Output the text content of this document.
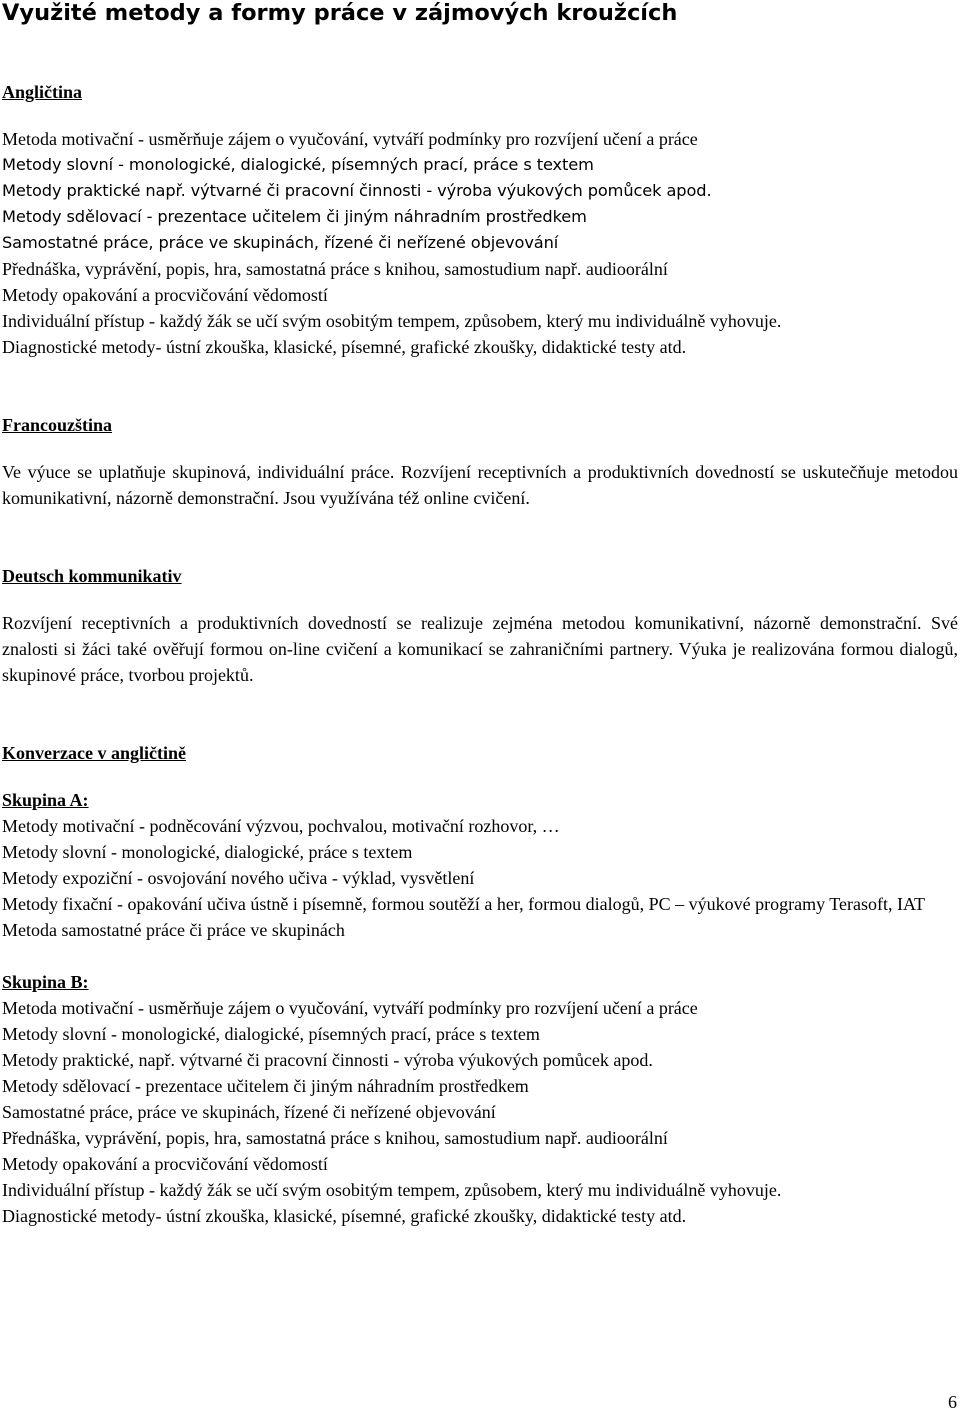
Využité metody a formy práce v zájmových kroužcích
Angličtina

Metoda motivační - usměrňuje zájem o vyučování, vytváří podmínky pro rozvíjení učení a práce

Metody slovní - monologické, dialogické, písemných prací, práce s textem

Metody praktické např. výtvarné či pracovní činnosti - výroba výukových pomůcek apod.

Metody sdělovací - prezentace učitelem či jiným náhradním prostředkem

Samostatné práce, práce ve skupinách, řízené či neřízené objevování

Přednáška, vyprávění, popis, hra, samostatná práce s knihou, samostudium např. audioorální

Metody opakování a procvičování vědomostí

Individuální přístup - každý žák se učí svým osobitým tempem, způsobem, který mu individuálně vyhovuje.

Diagnostické metody- ústní zkouška, klasické, písemné, grafické zkoušky, didaktické testy atd.

Francouzština

Ve výuce se uplatňuje skupinová, individuální práce. Rozvíjení receptivních a produktivních dovedností se uskutečňuje metodou komunikativní, názorně demonstrační. Jsou využívána též online cvičení.

Deutsch kommunikativ

Rozvíjení receptivních a produktivních dovedností se realizuje zejména metodou komunikativní, názorně demonstrační. Své znalosti si žáci také ověřují formou on-line cvičení a komunikací se zahraničními partnery. Výuka je realizována formou dialogů, skupinové práce, tvorbou projektů.

Konverzace v angličtině
Skupina A:

Metody motivační - podněcování výzvou, pochvalou, motivační rozhovor, …

Metody slovní - monologické, dialogické, práce s textem

Metody expoziční - osvojování nového učiva - výklad, vysvětlení

Metody fixační - opakování učiva ústně i písemně, formou soutěží a her, formou dialogů, PC – výukové programy Terasoft, IAT

Metoda samostatné práce či práce ve skupinách

Skupina B:

Metoda motivační - usměrňuje zájem o vyučování, vytváří podmínky pro rozvíjení učení a práce

Metody slovní - monologické, dialogické, písemných prací, práce s textem

Metody praktické, např. výtvarné či pracovní činnosti - výroba výukových pomůcek apod.

Metody sdělovací - prezentace učitelem či jiným náhradním prostředkem

Samostatné práce, práce ve skupinách, řízené či neřízené objevování

Přednáška, vyprávění, popis, hra, samostatná práce s knihou, samostudium např. audioorální

Metody opakování a procvičování vědomostí

Individuální přístup - každý žák se učí svým osobitým tempem, způsobem, který mu individuálně vyhovuje.

Diagnostické metody- ústní zkouška, klasické, písemné, grafické zkoušky, didaktické testy atd.

6
